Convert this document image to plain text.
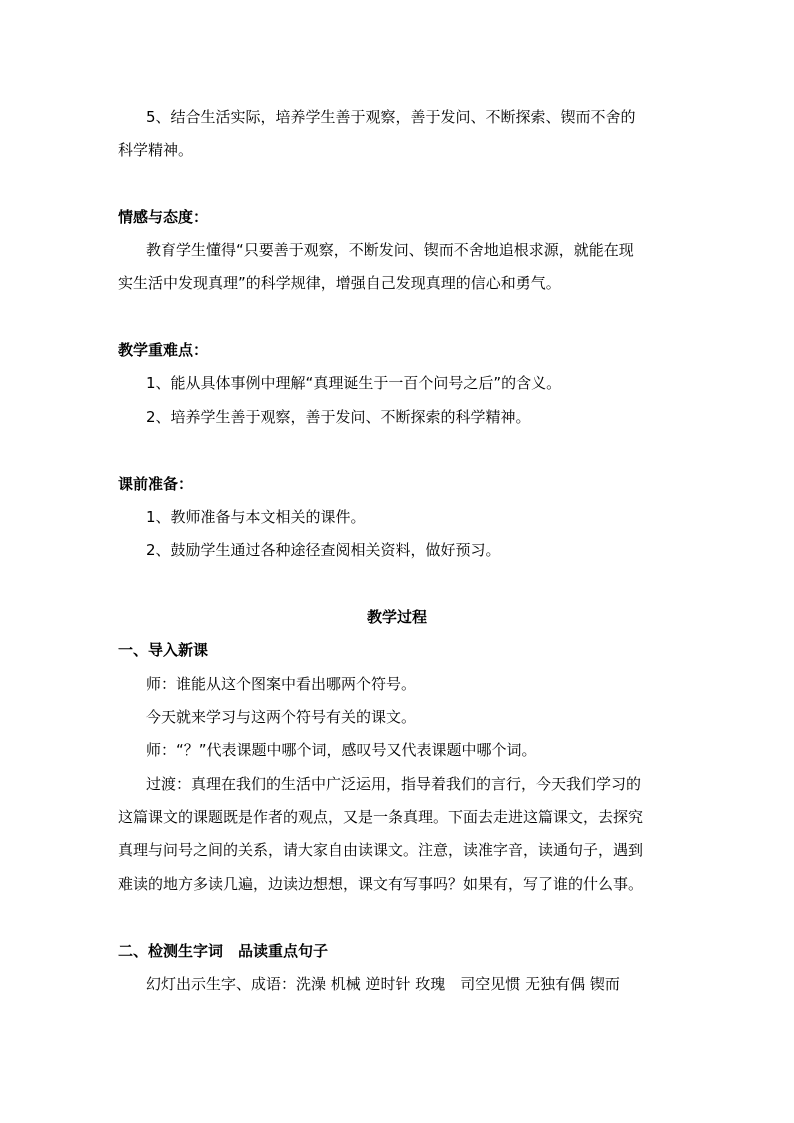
5、结合生活实际，培养学生善于观察，善于发问、不断探索、锲而不舍的
科学精神。
情感与态度：
教育学生懂得“只要善于观察，不断发问、锲而不舍地追根求源，就能在现
实生活中发现真理”的科学规律，增强自己发现真理的信心和勇气。
教学重难点：
1、能从具体事例中理解“真理诞生于一百个问号之后”的含义。
2、培养学生善于观察，善于发问、不断探索的科学精神。
课前准备：
1、教师准备与本文相关的课件。
2、鼓励学生通过各种途径查阅相关资料，做好预习。
教学过程
一、导入新课
师：谁能从这个图案中看出哪两个符号。
今天就来学习与这两个符号有关的课文。
师：“？”代表课题中哪个词，感叹号又代表课题中哪个词。
过渡：真理在我们的生活中广泛运用，指导着我们的言行，今天我们学习的
这篇课文的课题既是作者的观点，又是一条真理。下面去走进这篇课文，去探究
真理与问号之间的关系，请大家自由读课文。注意，读准字音，读通句子，遇到
难读的地方多读几遍，边读边想想，课文有写事吗？如果有，写了谁的什么事。
二、检测生字词　品读重点句子
幻灯出示生字、成语：洗澡 机械 逆时针 玫瑰　司空见惯 无独有偶 锲而
